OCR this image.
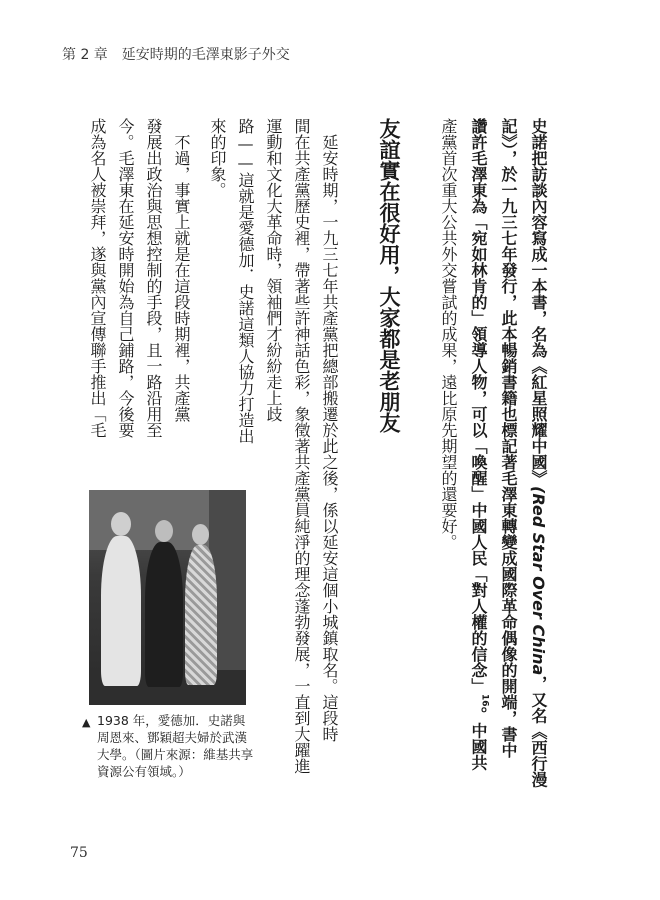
第 2 章　延安時期的毛澤東影子外交
史諾把訪談內容寫成一本書，名為《紅星照耀中國》(Red Star Over China，又名《西行漫
記》），於一九三七年發行，此本暢銷書籍也標記著毛澤東轉變成國際革命偶像的開端，書中
讚許毛澤東為「宛如林肯的」領導人物，可以「喚醒」中國人民「對人權的信念」$^{16}$。中國共
產黨首次重大公共外交嘗試的成果，遠比原先期望的還要好。
友誼實在很好用，大家都是老朋友
　延安時期，一九三七年共產黨把總部搬遷於此之後，係以延安這個小城鎮取名。這段時
間在共產黨歷史裡，帶著些許神話色彩，象徵著共產黨員純淨的理念蓬勃發展，一直到大躍進
運動和文化大革命時，領袖們才紛紛走上歧
路——這就是愛德加．史諾這類人協力打造出
來的印象。
　不過，事實上就是在這段時期裡，共產黨
發展出政治與思想控制的手段，且一路沿用至
今。毛澤東在延安時開始為自己鋪路，今後要
成為名人被崇拜，遂與黨內宣傳聯手推出「毛
▲ 1938 年，愛德加．史諾與周恩來、鄧穎超夫婦於武漢大學。（圖片來源：維基共享資源公有領域。）
75
